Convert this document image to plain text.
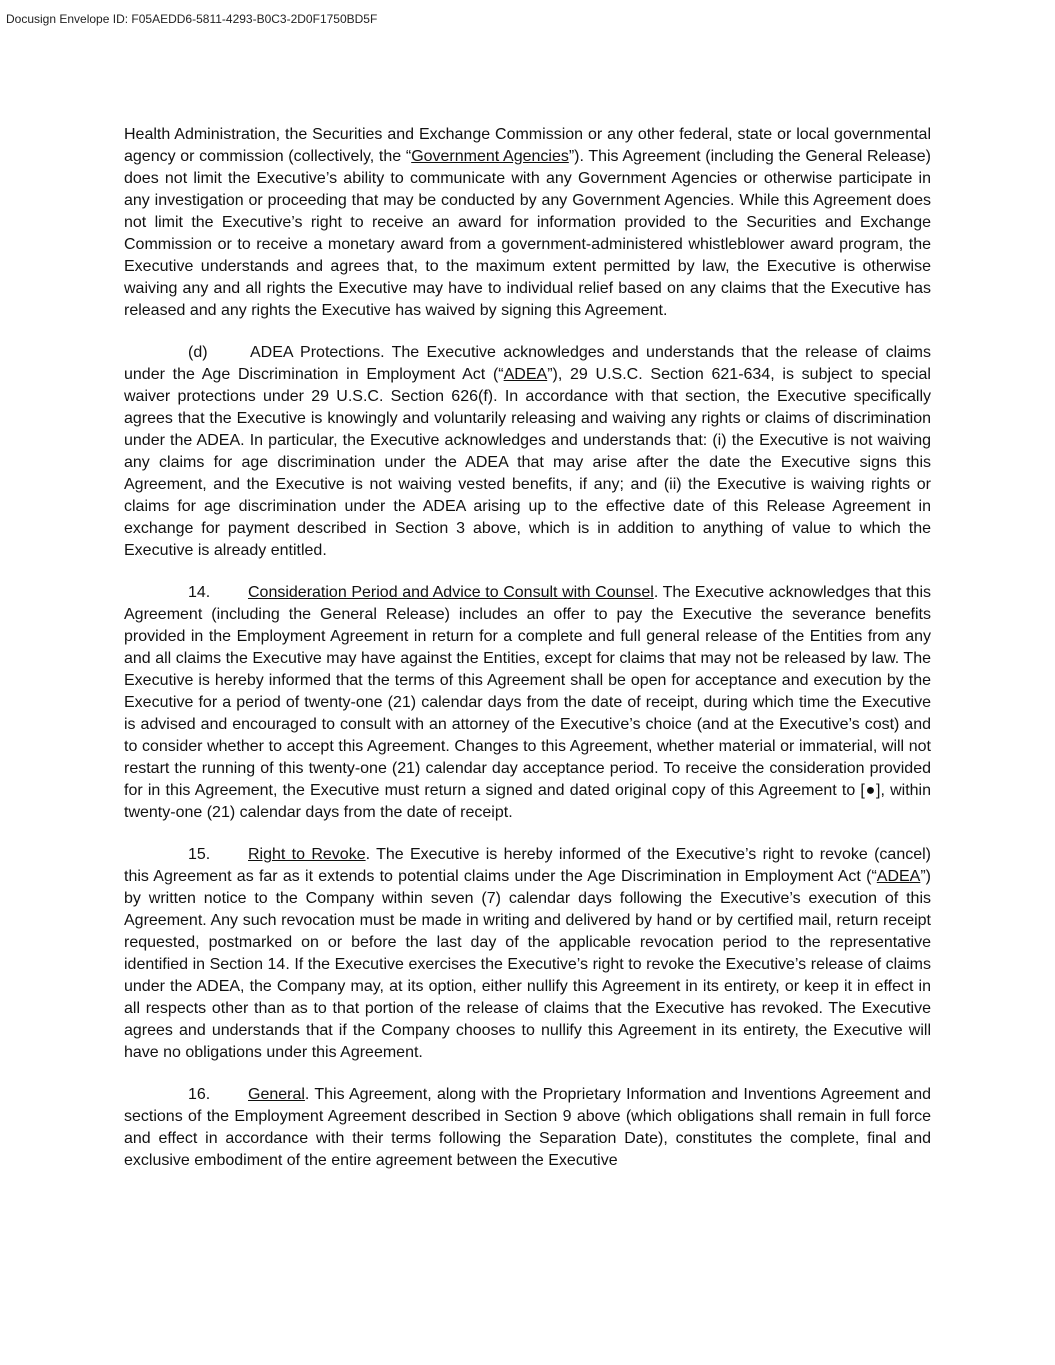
Docusign Envelope ID: F05AEDD6-5811-4293-B0C3-2D0F1750BD5F

Health Administration, the Securities and Exchange Commission or any other federal, state or local governmental agency or commission (collectively, the “Government Agencies”). This Agreement (including the General Release) does not limit the Executive’s ability to communicate with any Government Agencies or otherwise participate in any investigation or proceeding that may be conducted by any Government Agencies. While this Agreement does not limit the Executive’s right to receive an award for information provided to the Securities and Exchange Commission or to receive a monetary award from a government-administered whistleblower award program, the Executive understands and agrees that, to the maximum extent permitted by law, the Executive is otherwise waiving any and all rights the Executive may have to individual relief based on any claims that the Executive has released and any rights the Executive has waived by signing this Agreement.

(d)	ADEA Protections. The Executive acknowledges and understands that the release of claims under the Age Discrimination in Employment Act (“ADEA”), 29 U.S.C. Section 621-634, is subject to special waiver protections under 29 U.S.C. Section 626(f). In accordance with that section, the Executive specifically agrees that the Executive is knowingly and voluntarily releasing and waiving any rights or claims of discrimination under the ADEA. In particular, the Executive acknowledges and understands that: (i) the Executive is not waiving any claims for age discrimination under the ADEA that may arise after the date the Executive signs this Agreement, and the Executive is not waiving vested benefits, if any; and (ii) the Executive is waiving rights or claims for age discrimination under the ADEA arising up to the effective date of this Release Agreement in exchange for payment described in Section 3 above, which is in addition to anything of value to which the Executive is already entitled.

14. Consideration Period and Advice to Consult with Counsel. The Executive acknowledges that this Agreement (including the General Release) includes an offer to pay the Executive the severance benefits provided in the Employment Agreement in return for a complete and full general release of the Entities from any and all claims the Executive may have against the Entities, except for claims that may not be released by law. The Executive is hereby informed that the terms of this Agreement shall be open for acceptance and execution by the Executive for a period of twenty-one (21) calendar days from the date of receipt, during which time the Executive is advised and encouraged to consult with an attorney of the Executive’s choice (and at the Executive’s cost) and to consider whether to accept this Agreement. Changes to this Agreement, whether material or immaterial, will not restart the running of this twenty-one (21) calendar day acceptance period. To receive the consideration provided for in this Agreement, the Executive must return a signed and dated original copy of this Agreement to [●], within twenty-one (21) calendar days from the date of receipt.

15. Right to Revoke. The Executive is hereby informed of the Executive’s right to revoke (cancel) this Agreement as far as it extends to potential claims under the Age Discrimination in Employment Act (“ADEA”) by written notice to the Company within seven (7) calendar days following the Executive’s execution of this Agreement. Any such revocation must be made in writing and delivered by hand or by certified mail, return receipt requested, postmarked on or before the last day of the applicable revocation period to the representative identified in Section 14. If the Executive exercises the Executive’s right to revoke the Executive’s release of claims under the ADEA, the Company may, at its option, either nullify this Agreement in its entirety, or keep it in effect in all respects other than as to that portion of the release of claims that the Executive has revoked. The Executive agrees and understands that if the Company chooses to nullify this Agreement in its entirety, the Executive will have no obligations under this Agreement.

16. General. This Agreement, along with the Proprietary Information and Inventions Agreement and sections of the Employment Agreement described in Section 9 above (which obligations shall remain in full force and effect in accordance with their terms following the Separation Date), constitutes the complete, final and exclusive embodiment of the entire agreement between the Executive
